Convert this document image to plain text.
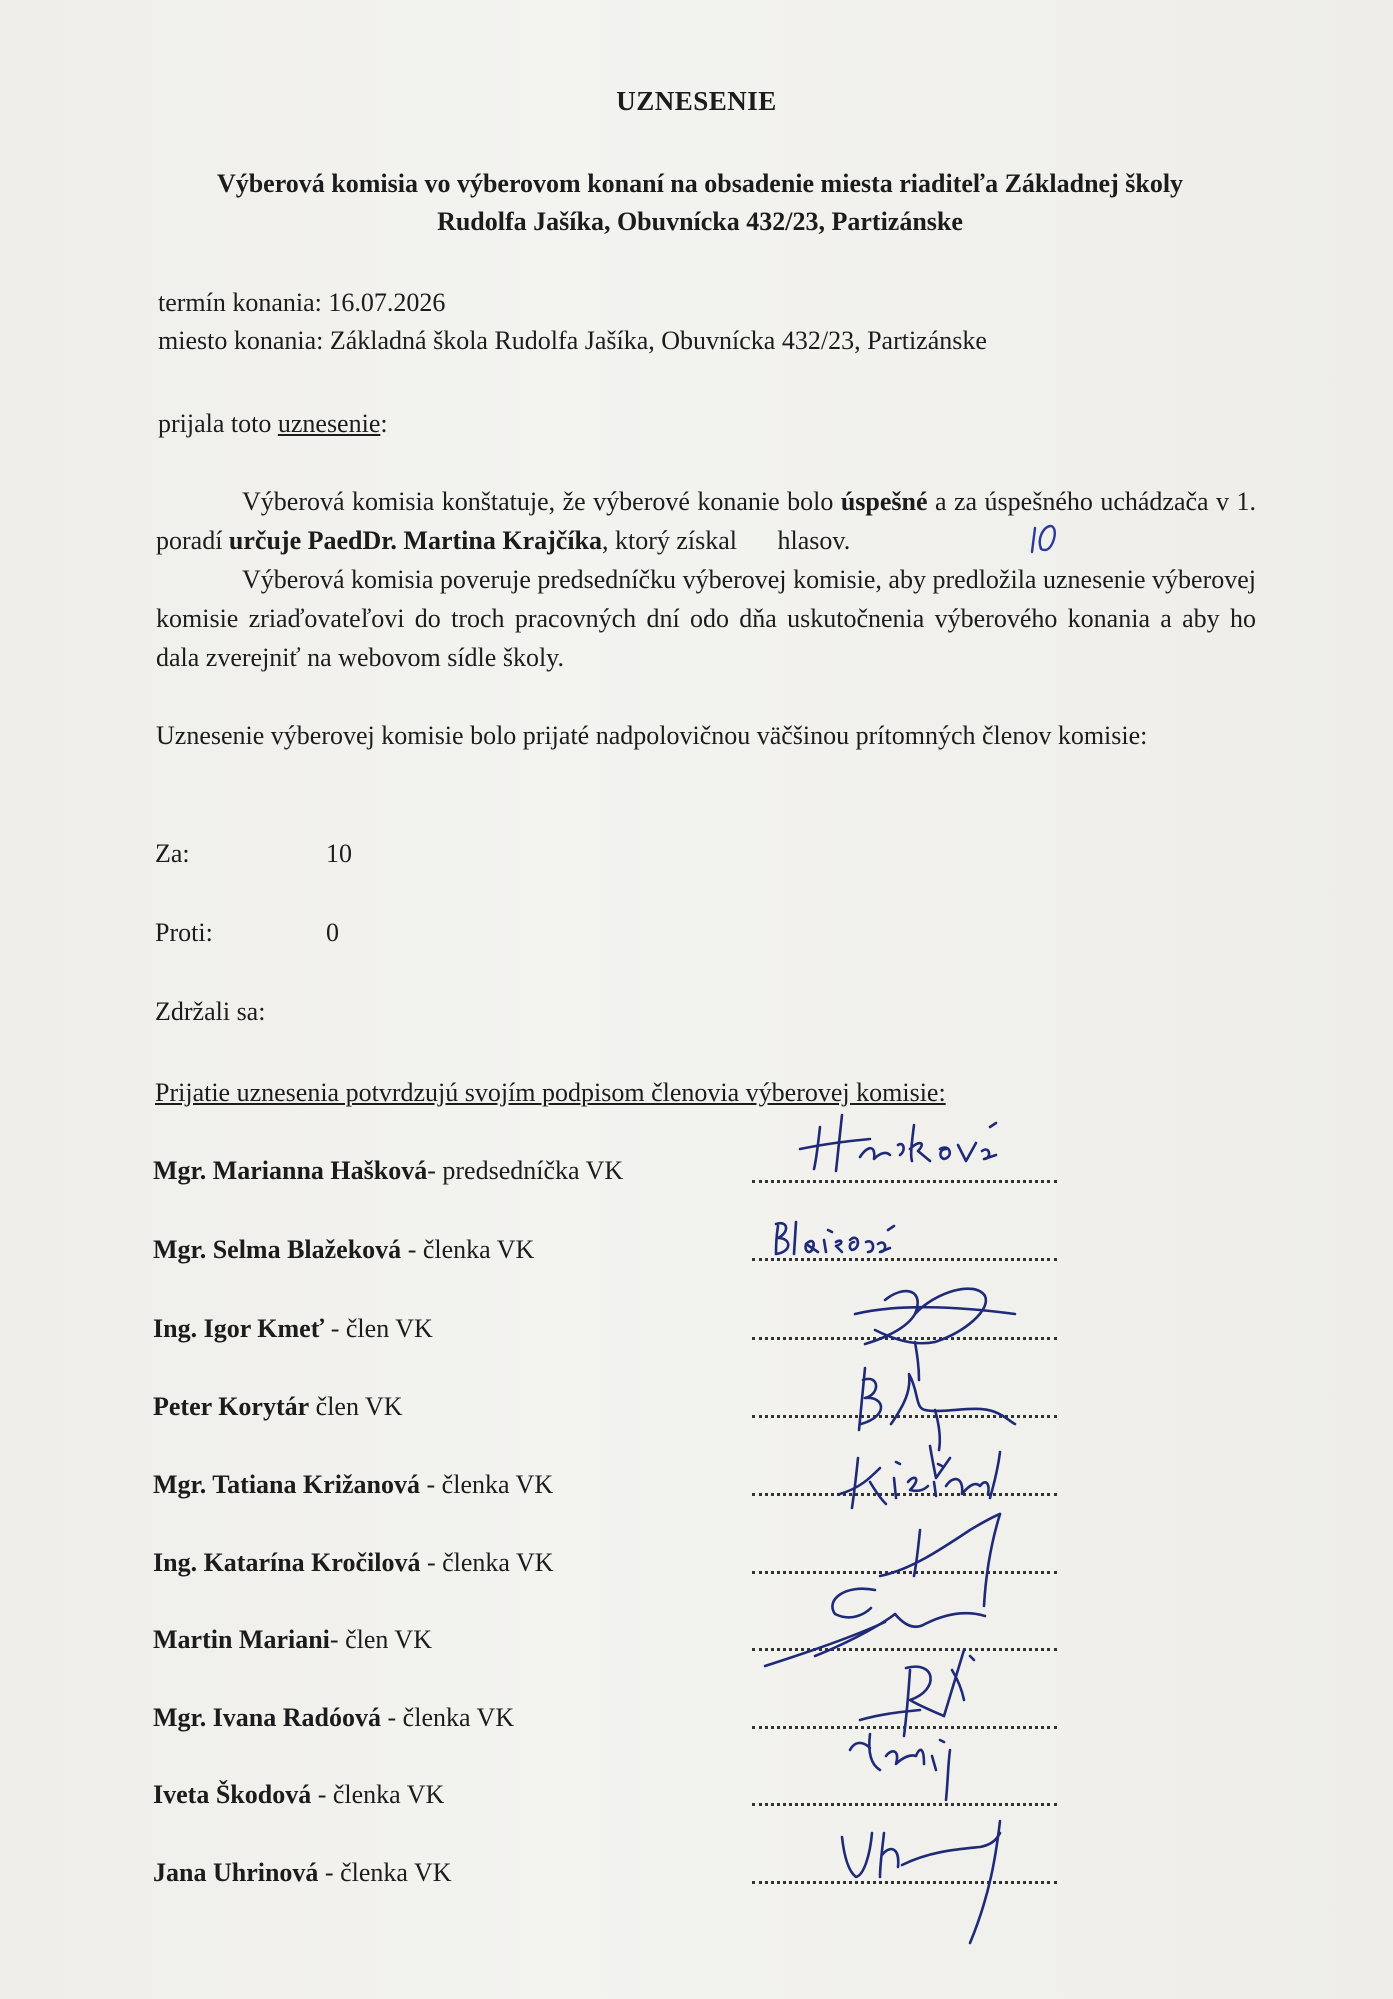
UZNESENIE
Výberová komisia vo výberovom konaní na obsadenie miesta riaditeľa Základnej školy
Rudolfa Jašíka, Obuvnícka 432/23, Partizánske
termín konania: 16.07.2026
miesto konania: Základná škola Rudolfa Jašíka, Obuvnícka 432/23, Partizánske
prijala toto uznesenie:
Výberová komisia konštatuje, že výberové konanie bolo úspešné a za úspešného uchádzača v 1. poradí určuje PaedDr. Martina Krajčíka, ktorý získal hlasov.
Výberová komisia poveruje predsedníčku výberovej komisie, aby predložila uznesenie výberovej komisie zriaďovateľovi do troch pracovných dní odo dňa uskutočnenia výberového konania a aby ho dala zverejniť na webovom sídle školy.
Uznesenie výberovej komisie bolo prijaté nadpolovičnou väčšinou prítomných členov komisie:
Za:	10
Proti:	0
Zdržali sa:
Prijatie uznesenia potvrdzujú svojím podpisom členovia výberovej komisie:
Mgr. Marianna Hašková- predsedníčka VK
Mgr. Selma Blažeková - členka VK
Ing. Igor Kmeť - člen VK
Peter Korytár člen VK
Mgr. Tatiana Križanová - členka VK
Ing. Katarína Kročilová - členka VK
Martin Mariani- člen VK
Mgr. Ivana Radóová - členka VK
Iveta Škodová - členka VK
Jana Uhrinová - členka VK
